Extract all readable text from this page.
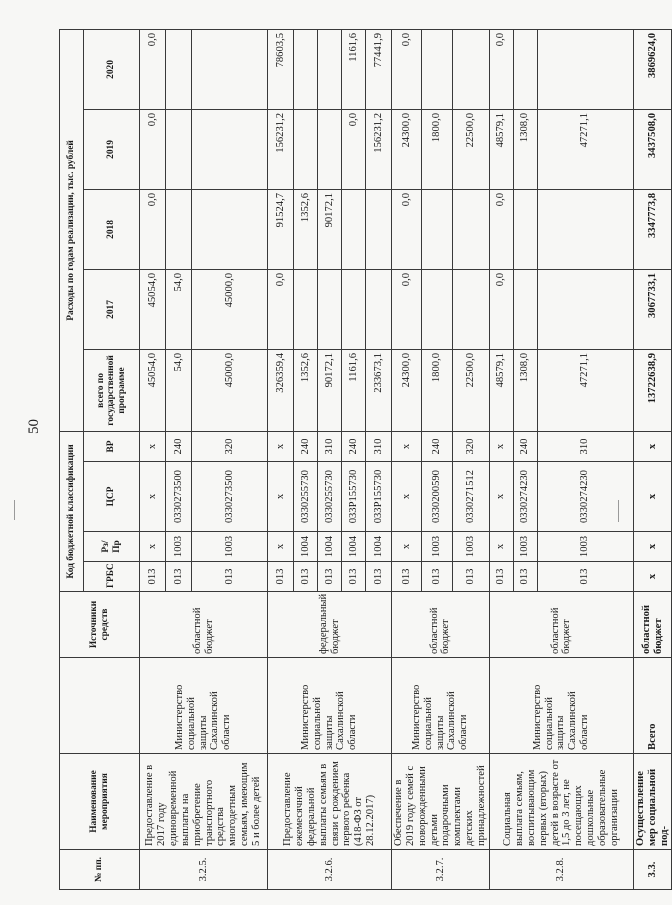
50
№ пп.	Наименование мероприятия		Источники средств	Код бюджетной классификации				Расходы по годам реализации, тыс. рублей				
				ГРБС	Рз/Пр	ЦСР	ВР	всего по государственной программе	2017	2018	2019	2020
3.2.5.	Предоставление в 2017 году единовременной выплаты на приобретение транспортного средства многодетным семьям, имеющим 5 и более детей	Министерство социальной защиты Сахалинской области	областной бюджет	013	х	х	х	45054,0	45054,0	0,0	0,0	0,0
				013	1003	0330273500	240	54,0	54,0			
				013	1003	0330273500	320	45000,0	45000,0			
3.2.6.	Предоставление ежемесячной федеральной выплаты семьям в связи с рождением первого ребенка (418-ФЗ от 28.12.2017)	Министерство социальной защиты Сахалинской области	федеральный бюджет	013	х	х	х	326359,4	0,0	91524,7	156231,2	78603,5
				013	1004	0330255730	240	1352,6		1352,6		
				013	1004	0330255730	310	90172,1		90172,1		
				013	1004	033P155730	240	1161,6			0,0	1161,6
				013	1004	033P155730	310	233673,1			156231,2	77441,9
3.2.7.	Обеспечение в 2019 году семей с новорожденными детьми подарочными комплектами детских принадлежностей	Министерство социальной защиты Сахалинской области	областной бюджет	013	х	х	х	24300,0	0,0	0,0	24300,0	0,0
				013	1003	0330200590	240	1800,0			1800,0	
				013	1003	0330271512	320	22500,0			22500,0	
3.2.8.	Социальная выплата семьям, воспитывающим первых (вторых) детей в возрасте от 1,5 до 3 лет, не посещающих дошкольные образовательные организации	Министерство социальной защиты Сахалинской области	областной бюджет	013	х	х	х	48579,1	0,0	0,0	48579,1	0,0
				013	1003	0330274230	240	1308,0			1308,0	
				013	1003	0330274230	310	47271,1			47271,1	
3.3.	Осуществление мер социальной под-	Всего	областной бюджет	х	х	х	х	13722638,9	3067733,1	3347773,8	3437508,0	3869624,0
